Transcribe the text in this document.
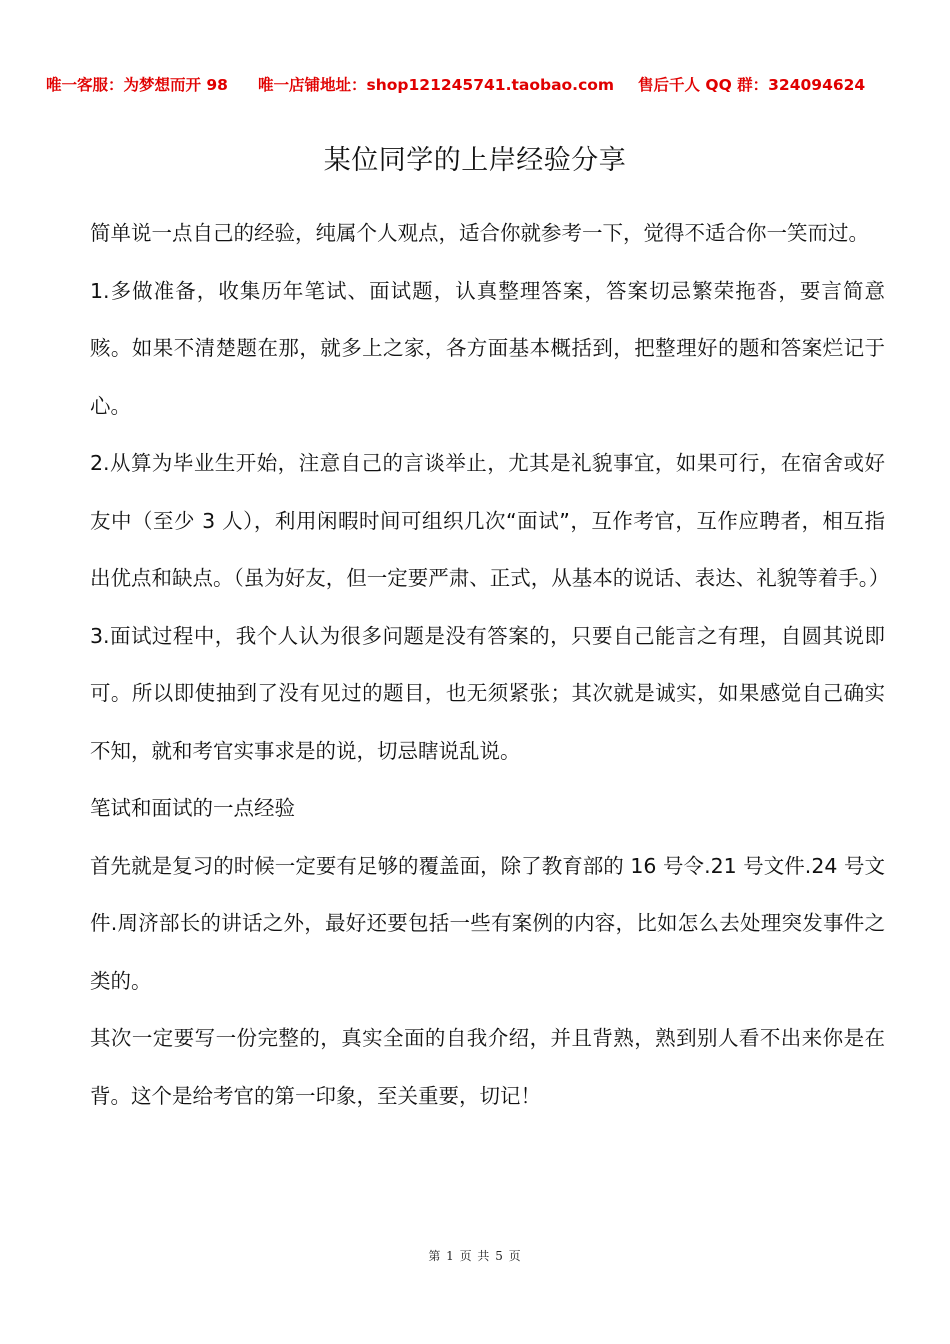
唯一客服：为梦想而开 98 唯一店铺地址：shop121245741.taobao.com 售后千人 QQ 群：324094624
某位同学的上岸经验分享

简单说一点自己的经验，纯属个人观点，适合你就参考一下，觉得不适合你一笑而过。

1.多做准备，收集历年笔试、面试题，认真整理答案，答案切忌繁荣拖沓，要言简意赅。如果不清楚题在那，就多上之家，各方面基本概括到，把整理好的题和答案烂记于心。

2.从算为毕业生开始，注意自己的言谈举止，尤其是礼貌事宜，如果可行，在宿舍或好友中（至少 3 人），利用闲暇时间可组织几次“面试”，互作考官，互作应聘者，相互指出优点和缺点。（虽为好友，但一定要严肃、正式，从基本的说话、表达、礼貌等着手。）

3.面试过程中，我个人认为很多问题是没有答案的，只要自己能言之有理，自圆其说即可。所以即使抽到了没有见过的题目，也无须紧张；其次就是诚实，如果感觉自己确实不知，就和考官实事求是的说，切忌瞎说乱说。

笔试和面试的一点经验

首先就是复习的时候一定要有足够的覆盖面，除了教育部的 16 号令.21 号文件.24 号文件.周济部长的讲话之外，最好还要包括一些有案例的内容，比如怎么去处理突发事件之类的。

其次一定要写一份完整的，真实全面的自我介绍，并且背熟，熟到别人看不出来你是在背。这个是给考官的第一印象，至关重要，切记！

第 1 页 共 5 页
